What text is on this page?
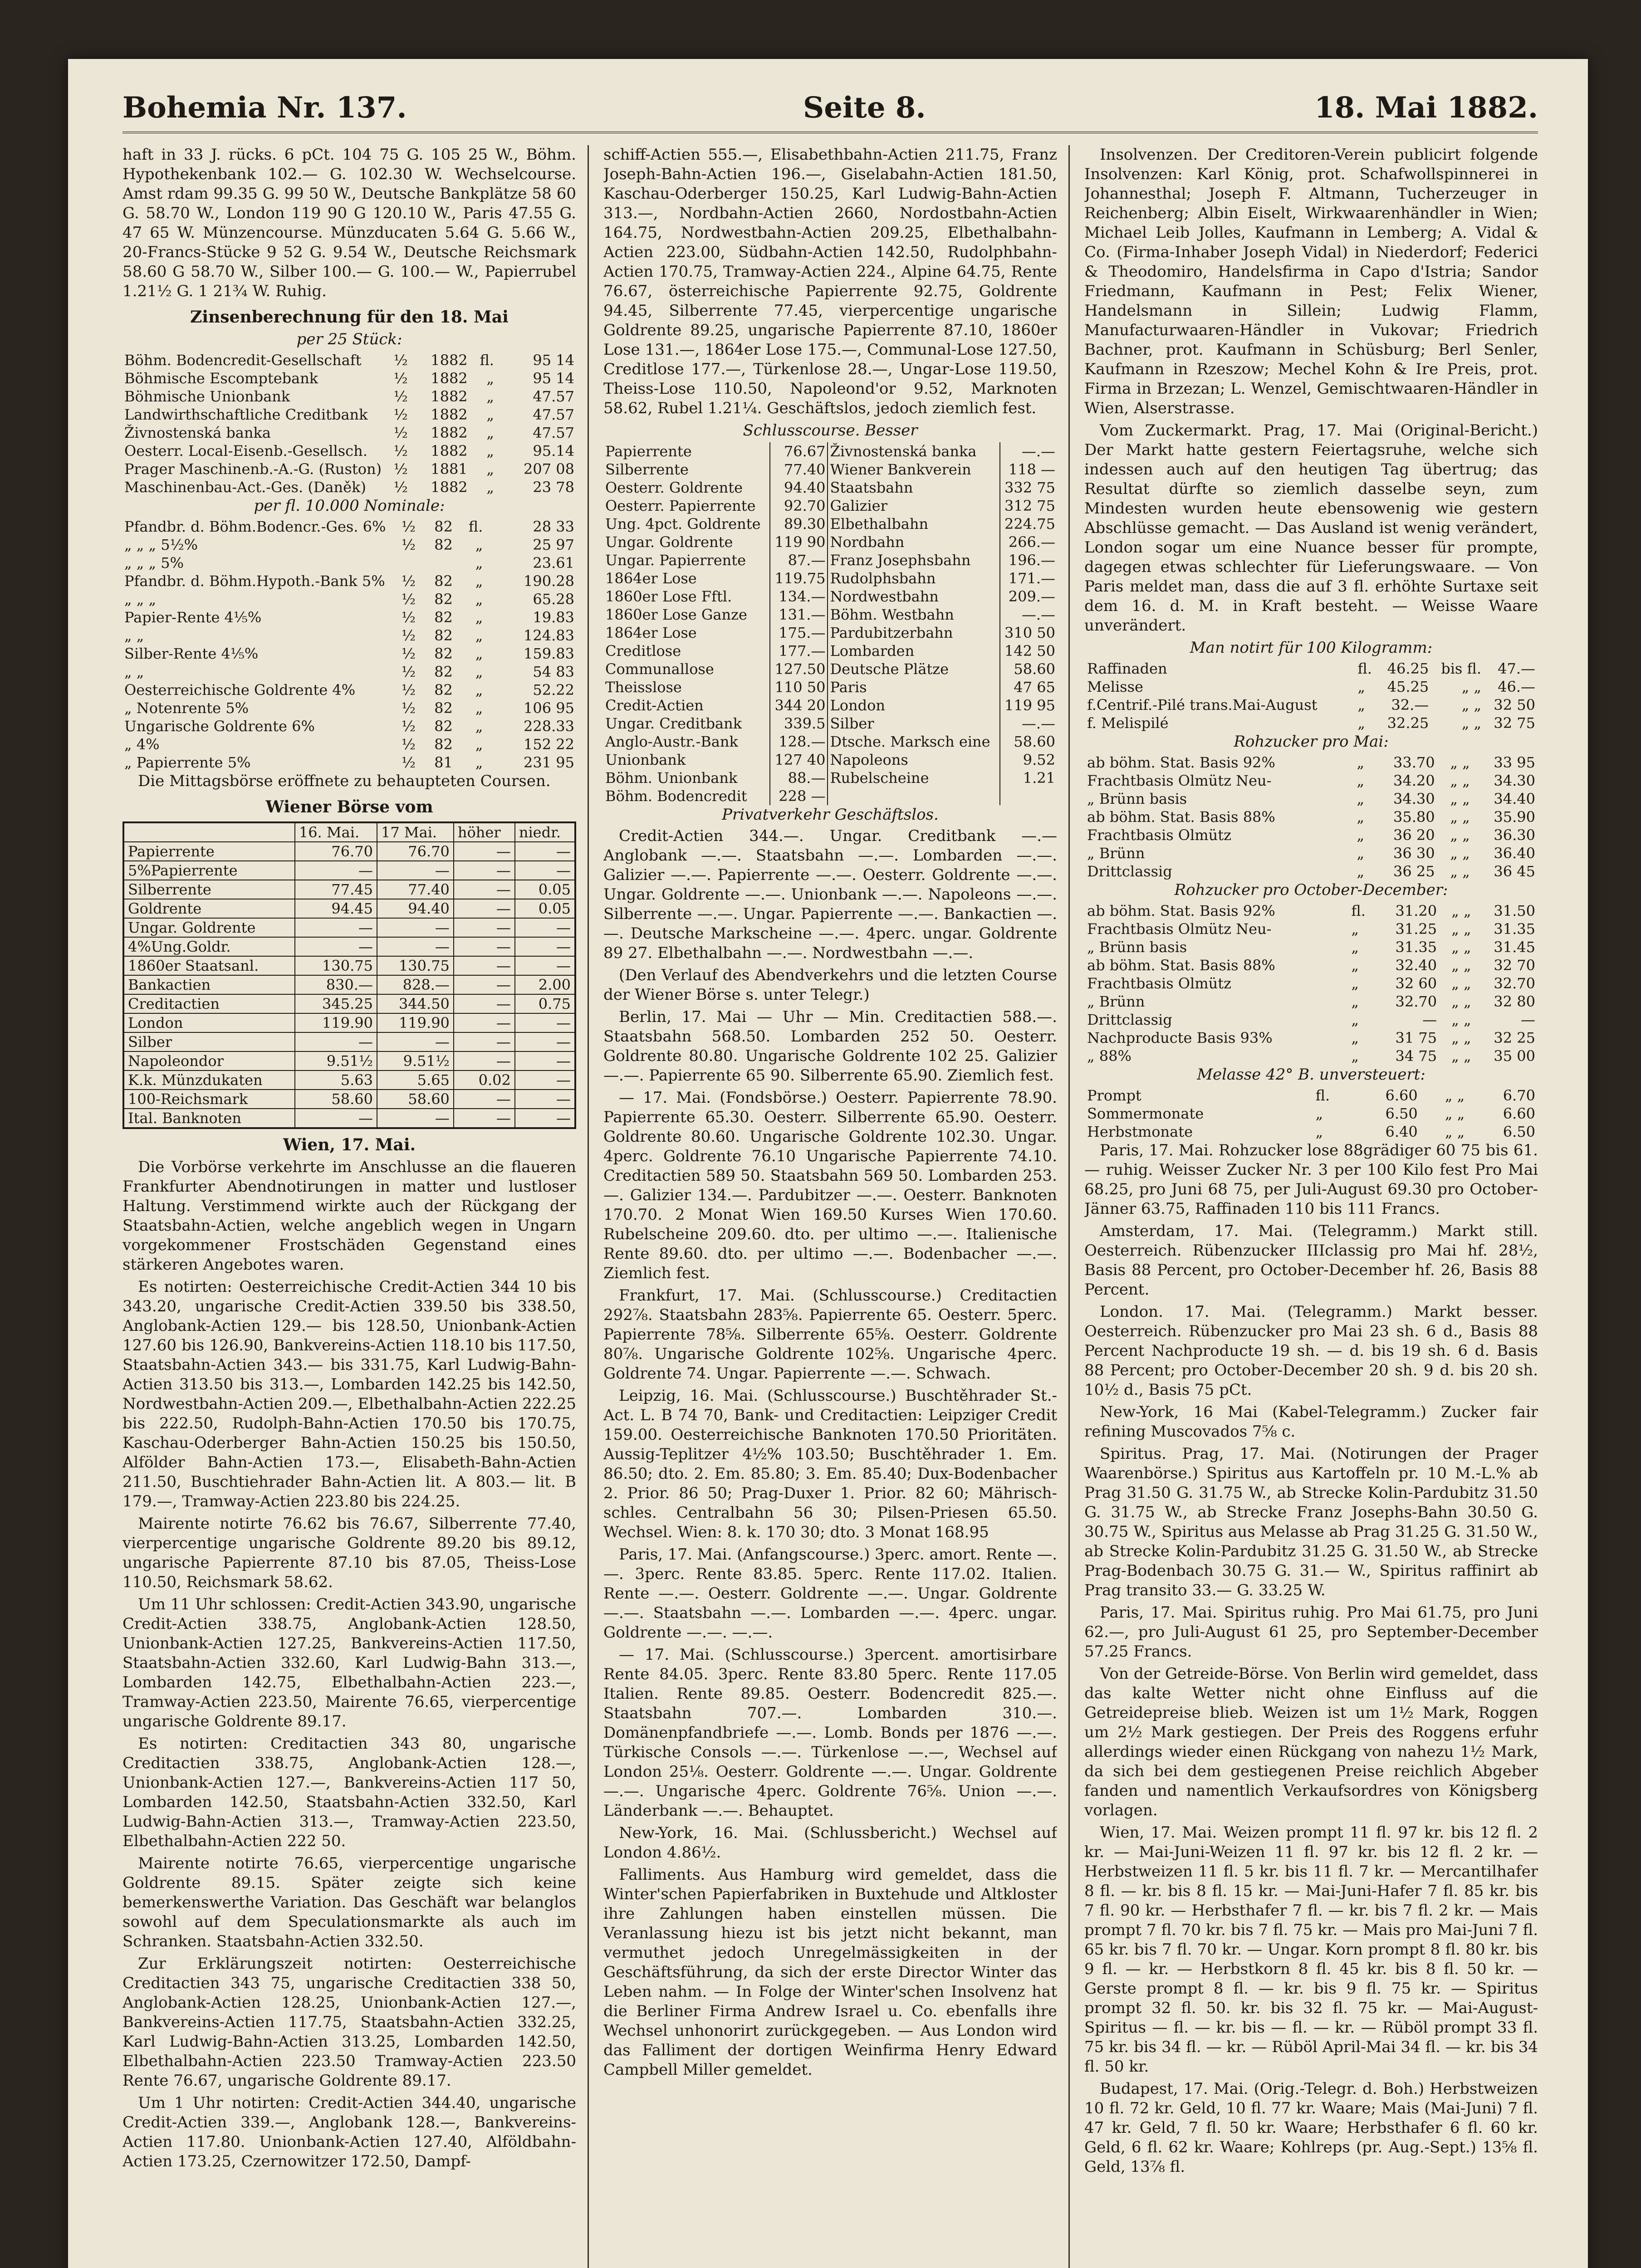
Bohemia Nr. 137.	Seite 8.	18. Mai 1882.

haft in 33 J. rücks. 6 pCt. 104 75 G. 105 25 W., Böhm. Hypothekenbank 102.— G. 102.30 W. Wechselcourse. Amst rdam 99.35 G. 99 50 W., Deutsche Bankplätze 58 60 G. 58.70 W., London 119 90 G 120.10 W., Paris 47.55 G. 47 65 W. Münzencourse. Münzducaten 5.64 G. 5.66 W., 20-Francs-Stücke 9 52 G. 9.54 W., Deutsche Reichsmark 58.60 G 58.70 W., Silber 100.— G. 100.— W., Papierrubel 1.21½ G. 1 21¾ W. Ruhig.

Zinsenberechnung für den 18. Mai
per 25 Stück:
Böhm. Bodencredit-Gesellschaft	½	1882	fl.	95 14
Böhmische Escomptebank	½	1882	„	95 14
Böhmische Unionbank	½	1882	„	47.57
Landwirthschaftliche Creditbank	½	1882	„	47.57
Živnostenská banka	½	1882	„	47.57
Oesterr. Local-Eisenb.-Gesellsch.	½	1882	„	95.14
Prager Maschinenb.-A.-G. (Ruston)	½	1881	„	207 08
Maschinenbau-Act.-Ges. (Daněk)	½	1882	„	23 78
per fl. 10.000 Nominale:
Pfandbr. d. Böhm.Bodencr.-Ges. 6%	½	82	fl.	28 33
„ „ „ 5½%	½	82	„	25 97
„ „ „ 5%			„	23.61
Pfandbr. d. Böhm.Hypoth.-Bank 5%	½	82	„	190.28
„ „ „	½	82	„	65.28
Papier-Rente 4⅕%	½	82	„	19.83
„ „	½	82	„	124.83
Silber-Rente 4⅕%	½	82	„	159.83
„ „	½	82	„	54 83
Oesterreichische Goldrente 4%	½	82	„	52.22
„ Notenrente 5%	½	82	„	106 95
Ungarische Goldrente 6%	½	82	„	228.33
„ 4%	½	82	„	152 22
„ Papierrente 5%	½	81	„	231 95

Die Mittagsbörse eröffnete zu behaupteten Coursen.

Wiener Börse vom
	16. Mai.	17 Mai.	höher	niedr.
Papierrente	76.70	76.70	—	—
5%Papierrente	—	—	—	—
Silberrente	77.45	77.40	—	0.05
Goldrente	94.45	94.40	—	0.05
Ungar. Goldrente	—	—	—	—
4%Ung.Goldr.	—	—	—	—
1860er Staatsanl.	130.75	130.75	—	—
Bankactien	830.—	828.—	—	2.00
Creditactien	345.25	344.50	—	0.75
London	119.90	119.90	—	—
Silber	—	—	—	—
Napoleondor	9.51½	9.51½	—	—
K.k. Münzdukaten	5.63	5.65	0.02	—
100-Reichsmark	58.60	58.60	—	—
Ital. Banknoten	—	—	—	—
Wien, 17. Mai.

Die Vorbörse verkehrte im Anschlusse an die flaueren Frankfurter Abendnotirungen in matter und lustloser Haltung. Verstimmend wirkte auch der Rückgang der Staatsbahn-Actien, welche angeblich wegen in Ungarn vorgekommener Frostschäden Gegenstand eines stärkeren Angebotes waren.

Es notirten: Oesterreichische Credit-Actien 344 10 bis 343.20, ungarische Credit-Actien 339.50 bis 338.50, Anglobank-Actien 129.— bis 128.50, Unionbank-Actien 127.60 bis 126.90, Bankvereins-Actien 118.10 bis 117.50, Staatsbahn-Actien 343.— bis 331.75, Karl Ludwig-Bahn-Actien 313.50 bis 313.—, Lombarden 142.25 bis 142.50, Nordwestbahn-Actien 209.—, Elbethalbahn-Actien 222.25 bis 222.50, Rudolph-Bahn-Actien 170.50 bis 170.75, Kaschau-Oderberger Bahn-Actien 150.25 bis 150.50, Alfölder Bahn-Actien 173.—, Elisabeth-Bahn-Actien 211.50, Buschtiehrader Bahn-Actien lit. A 803.— lit. B 179.—, Tramway-Actien 223.80 bis 224.25.

Mairente notirte 76.62 bis 76.67, Silberrente 77.40, vierpercentige ungarische Goldrente 89.20 bis 89.12, ungarische Papierrente 87.10 bis 87.05, Theiss-Lose 110.50, Reichsmark 58.62.

Um 11 Uhr schlossen: Credit-Actien 343.90, ungarische Credit-Actien 338.75, Anglobank-Actien 128.50, Unionbank-Actien 127.25, Bankvereins-Actien 117.50, Staatsbahn-Actien 332.60, Karl Ludwig-Bahn 313.—, Lombarden 142.75, Elbethalbahn-Actien 223.—, Tramway-Actien 223.50, Mairente 76.65, vierpercentige ungarische Goldrente 89.17.

Es notirten: Creditactien 343 80, ungarische Creditactien 338.75, Anglobank-Actien 128.—, Unionbank-Actien 127.—, Bankvereins-Actien 117 50, Lombarden 142.50, Staatsbahn-Actien 332.50, Karl Ludwig-Bahn-Actien 313.—, Tramway-Actien 223.50, Elbethalbahn-Actien 222 50.

Mairente notirte 76.65, vierpercentige ungarische Goldrente 89.15. Später zeigte sich keine bemerkenswerthe Variation. Das Geschäft war belanglos sowohl auf dem Speculationsmarkte als auch im Schranken. Staatsbahn-Actien 332.50.

Zur Erklärungszeit notirten: Oesterreichische Creditactien 343 75, ungarische Creditactien 338 50, Anglobank-Actien 128.25, Unionbank-Actien 127.—, Bankvereins-Actien 117.75, Staatsbahn-Actien 332.25, Karl Ludwig-Bahn-Actien 313.25, Lombarden 142.50, Elbethalbahn-Actien 223.50 Tramway-Actien 223.50 Rente 76.67, ungarische Goldrente 89.17.

Um 1 Uhr notirten: Credit-Actien 344.40, ungarische Credit-Actien 339.—, Anglobank 128.—, Bankvereins-Actien 117.80. Unionbank-Actien 127.40, Alföldbahn-Actien 173.25, Czernowitzer 172.50, Dampf-

schiff-Actien 555.—, Elisabethbahn-Actien 211.75, Franz Joseph-Bahn-Actien 196.—, Giselabahn-Actien 181.50, Kaschau-Oderberger 150.25, Karl Ludwig-Bahn-Actien 313.—, Nordbahn-Actien 2660, Nordostbahn-Actien 164.75, Nordwestbahn-Actien 209.25, Elbethalbahn-Actien 223.00, Südbahn-Actien 142.50, Rudolphbahn-Actien 170.75, Tramway-Actien 224., Alpine 64.75, Rente 76.67, österreichische Papierrente 92.75, Goldrente 94.45, Silberrente 77.45, vierpercentige ungarische Goldrente 89.25, ungarische Papierrente 87.10, 1860er Lose 131.—, 1864er Lose 175.—, Communal-Lose 127.50, Creditlose 177.—, Türkenlose 28.—, Ungar-Lose 119.50, Theiss-Lose 110.50, Napoleond'or 9.52, Marknoten 58.62, Rubel 1.21¼. Geschäftslos, jedoch ziemlich fest.

Schlusscourse. Besser
Papierrente	76.67	Živnostenská banka	—.—
Silberrente	77.40	Wiener Bankverein	118 —
Oesterr. Goldrente	94.40	Staatsbahn	332 75
Oesterr. Papierrente	92.70	Galizier	312 75
Ung. 4pct. Goldrente	89.30	Elbethalbahn	224.75
Ungar. Goldrente	119 90	Nordbahn	266.—
Ungar. Papierrente	87.—	Franz Josephsbahn	196.—
1864er Lose	119.75	Rudolphsbahn	171.—
1860er Lose Fftl.	134.—	Nordwestbahn	209.—
1860er Lose Ganze	131.—	Böhm. Westbahn	—.—
1864er Lose	175.—	Pardubitzerbahn	310 50
Creditlose	177.—	Lombarden	142 50
Communallose	127.50	Deutsche Plätze	58.60
Theisslose	110 50	Paris	47 65
Credit-Actien	344 20	London	119 95
Ungar. Creditbank	339.5	Silber	—.—
Anglo-Austr.-Bank	128.—	Dtsche. Marksch eine	58.60
Unionbank	127 40	Napoleons	9.52
Böhm. Unionbank	88.—	Rubelscheine	1.21
Böhm. Bodencredit	228 —		
Privatverkehr Geschäftslos.

Credit-Actien 344.—. Ungar. Creditbank —.— Anglobank —.—. Staatsbahn —.—. Lombarden —.—. Galizier —.—. Papierrente —.—. Oesterr. Goldrente —.—. Ungar. Goldrente —.—. Unionbank —.—. Napoleons —.—. Silberrente —.—. Ungar. Papierrente —.—. Bankactien —.—. Deutsche Markscheine —.—. 4perc. ungar. Goldrente 89 27. Elbethalbahn —.—. Nordwestbahn —.—.

(Den Verlauf des Abendverkehrs und die letzten Course der Wiener Börse s. unter Telegr.)

Berlin, 17. Mai — Uhr — Min. Creditactien 588.—. Staatsbahn 568.50. Lombarden 252 50. Oesterr. Goldrente 80.80. Ungarische Goldrente 102 25. Galizier —.—. Papierrente 65 90. Silberrente 65.90. Ziemlich fest.

— 17. Mai. (Fondsbörse.) Oesterr. Papierrente 78.90. Papierrente 65.30. Oesterr. Silberrente 65.90. Oesterr. Goldrente 80.60. Ungarische Goldrente 102.30. Ungar. 4perc. Goldrente 76.10 Ungarische Papierrente 74.10. Creditactien 589 50. Staatsbahn 569 50. Lombarden 253.—. Galizier 134.—. Pardubitzer —.—. Oesterr. Banknoten 170.70. 2 Monat Wien 169.50 Kurses Wien 170.60. Rubelscheine 209.60. dto. per ultimo —.—. Italienische Rente 89.60. dto. per ultimo —.—. Bodenbacher —.—. Ziemlich fest.

Frankfurt, 17. Mai. (Schlusscourse.) Creditactien 292⅞. Staatsbahn 283⅝. Papierrente 65. Oesterr. 5perc. Papierrente 78⅝. Silberrente 65⅝. Oesterr. Goldrente 80⅞. Ungarische Goldrente 102⅝. Ungarische 4perc. Goldrente 74. Ungar. Papierrente —.—. Schwach.

Leipzig, 16. Mai. (Schlusscourse.) Buschtěhrader St.-Act. L. B 74 70, Bank- und Creditactien: Leipziger Credit 159.00. Oesterreichische Banknoten 170.50 Prioritäten. Aussig-Teplitzer 4½% 103.50; Buschtěhrader 1. Em. 86.50; dto. 2. Em. 85.80; 3. Em. 85.40; Dux-Bodenbacher 2. Prior. 86 50; Prag-Duxer 1. Prior. 82 60; Mährisch-schles. Centralbahn 56 30; Pilsen-Priesen 65.50. Wechsel. Wien: 8. k. 170 30; dto. 3 Monat 168.95

Paris, 17. Mai. (Anfangscourse.) 3perc. amort. Rente —.—. 3perc. Rente 83.85. 5perc. Rente 117.02. Italien. Rente —.—. Oesterr. Goldrente —.—. Ungar. Goldrente —.—. Staatsbahn —.—. Lombarden —.—. 4perc. ungar. Goldrente —.—. —.—.

— 17. Mai. (Schlusscourse.) 3percent. amortisirbare Rente 84.05. 3perc. Rente 83.80 5perc. Rente 117.05 Italien. Rente 89.85. Oesterr. Bodencredit 825.—. Staatsbahn 707.—. Lombarden 310.—. Domänenpfandbriefe —.—. Lomb. Bonds per 1876 —.—. Türkische Consols —.—. Türkenlose —.—, Wechsel auf London 25⅛. Oesterr. Goldrente —.—. Ungar. Goldrente —.—. Ungarische 4perc. Goldrente 76⅝. Union —.—. Länderbank —.—. Behauptet.

New-York, 16. Mai. (Schlussbericht.) Wechsel auf London 4.86½.

Falliments. Aus Hamburg wird gemeldet, dass die Winter'schen Papierfabriken in Buxtehude und Altkloster ihre Zahlungen haben einstellen müssen. Die Veranlassung hiezu ist bis jetzt nicht bekannt, man vermuthet jedoch Unregelmässigkeiten in der Geschäftsführung, da sich der erste Director Winter das Leben nahm. — In Folge der Winter'schen Insolvenz hat die Berliner Firma Andrew Israel u. Co. ebenfalls ihre Wechsel unhonorirt zurückgegeben. — Aus London wird das Falliment der dortigen Weinfirma Henry Edward Campbell Miller gemeldet.

Insolvenzen. Der Creditoren-Verein publicirt folgende Insolvenzen: Karl König, prot. Schafwollspinnerei in Johannesthal; Joseph F. Altmann, Tucherzeuger in Reichenberg; Albin Eiselt, Wirkwaarenhändler in Wien; Michael Leib Jolles, Kaufmann in Lemberg; A. Vidal & Co. (Firma-Inhaber Joseph Vidal) in Niederdorf; Federici & Theodomiro, Handelsfirma in Capo d'Istria; Sandor Friedmann, Kaufmann in Pest; Felix Wiener, Handelsmann in Sillein; Ludwig Flamm, Manufacturwaaren-Händler in Vukovar; Friedrich Bachner, prot. Kaufmann in Schüsburg; Berl Senler, Kaufmann in Rzeszow; Mechel Kohn & Ire Preis, prot. Firma in Brzezan; L. Wenzel, Gemischtwaaren-Händler in Wien, Alserstrasse.

Vom Zuckermarkt. Prag, 17. Mai (Original-Bericht.) Der Markt hatte gestern Feiertagsruhe, welche sich indessen auch auf den heutigen Tag übertrug; das Resultat dürfte so ziemlich dasselbe seyn, zum Mindesten wurden heute ebensowenig wie gestern Abschlüsse gemacht. — Das Ausland ist wenig verändert, London sogar um eine Nuance besser für prompte, dagegen etwas schlechter für Lieferungswaare. — Von Paris meldet man, dass die auf 3 fl. erhöhte Surtaxe seit dem 16. d. M. in Kraft besteht. — Weisse Waare unverändert.

Man notirt für 100 Kilogramm:
Raffinaden	fl.	46.25	bis fl.	47.—
Melisse	„	45.25	„ „	46.—
f.Centrif.-Pilé trans.Mai-August	„	32.—	„ „	32 50
f. Melispilé	„	32.25	„ „	32 75
Rohzucker pro Mai:
ab böhm. Stat. Basis 92%	„	33.70	„ „	33 95
Frachtbasis Olmütz Neu-	„	34.20	„ „	34.30
„ Brünn basis	„	34.30	„ „	34.40
ab böhm. Stat. Basis 88%	„	35.80	„ „	35.90
Frachtbasis Olmütz	„	36 20	„ „	36.30
„ Brünn	„	36 30	„ „	36.40
Drittclassig	„	36 25	„ „	36 45
Rohzucker pro October-December:
ab böhm. Stat. Basis 92%	fl.	31.20	„ „	31.50
Frachtbasis Olmütz Neu-	„	31.25	„ „	31.35
„ Brünn basis	„	31.35	„ „	31.45
ab böhm. Stat. Basis 88%	„	32.40	„ „	32 70
Frachtbasis Olmütz	„	32 60	„ „	32.70
„ Brünn	„	32.70	„ „	32 80
Drittclassig	„	—	„ „	—
Nachproducte Basis 93%	„	31 75	„ „	32 25
„ 88%	„	34 75	„ „	35 00
Melasse 42° B. unversteuert:
Prompt	fl.	6.60	„ „	6.70
Sommermonate	„	6.50	„ „	6.60
Herbstmonate	„	6.40	„ „	6.50

Paris, 17. Mai. Rohzucker lose 88grädiger 60 75 bis 61.— ruhig. Weisser Zucker Nr. 3 per 100 Kilo fest Pro Mai 68.25, pro Juni 68 75, per Juli-August 69.30 pro October-Jänner 63.75, Raffinaden 110 bis 111 Francs.

Amsterdam, 17. Mai. (Telegramm.) Markt still. Oesterreich. Rübenzucker IIIclassig pro Mai hf. 28½, Basis 88 Percent, pro October-December hf. 26, Basis 88 Percent.

London. 17. Mai. (Telegramm.) Markt besser. Oesterreich. Rübenzucker pro Mai 23 sh. 6 d., Basis 88 Percent Nachproducte 19 sh. — d. bis 19 sh. 6 d. Basis 88 Percent; pro October-December 20 sh. 9 d. bis 20 sh. 10½ d., Basis 75 pCt.

New-York, 16 Mai (Kabel-Telegramm.) Zucker fair refining Muscovados 7⅝ c.

Spiritus. Prag, 17. Mai. (Notirungen der Prager Waarenbörse.) Spiritus aus Kartoffeln pr. 10 M.-L.% ab Prag 31.50 G. 31.75 W., ab Strecke Kolin-Pardubitz 31.50 G. 31.75 W., ab Strecke Franz Josephs-Bahn 30.50 G. 30.75 W., Spiritus aus Melasse ab Prag 31.25 G. 31.50 W., ab Strecke Kolin-Pardubitz 31.25 G. 31.50 W., ab Strecke Prag-Bodenbach 30.75 G. 31.— W., Spiritus raffinirt ab Prag transito 33.— G. 33.25 W.

Paris, 17. Mai. Spiritus ruhig. Pro Mai 61.75, pro Juni 62.—, pro Juli-August 61 25, pro September-December 57.25 Francs.

Von der Getreide-Börse. Von Berlin wird gemeldet, dass das kalte Wetter nicht ohne Einfluss auf die Getreidepreise blieb. Weizen ist um 1½ Mark, Roggen um 2½ Mark gestiegen. Der Preis des Roggens erfuhr allerdings wieder einen Rückgang von nahezu 1½ Mark, da sich bei dem gestiegenen Preise reichlich Abgeber fanden und namentlich Verkaufsordres von Königsberg vorlagen.

Wien, 17. Mai. Weizen prompt 11 fl. 97 kr. bis 12 fl. 2 kr. — Mai-Juni-Weizen 11 fl. 97 kr. bis 12 fl. 2 kr. — Herbstweizen 11 fl. 5 kr. bis 11 fl. 7 kr. — Mercantilhafer 8 fl. — kr. bis 8 fl. 15 kr. — Mai-Juni-Hafer 7 fl. 85 kr. bis 7 fl. 90 kr. — Herbsthafer 7 fl. — kr. bis 7 fl. 2 kr. — Mais prompt 7 fl. 70 kr. bis 7 fl. 75 kr. — Mais pro Mai-Juni 7 fl. 65 kr. bis 7 fl. 70 kr. — Ungar. Korn prompt 8 fl. 80 kr. bis 9 fl. — kr. — Herbstkorn 8 fl. 45 kr. bis 8 fl. 50 kr. — Gerste prompt 8 fl. — kr. bis 9 fl. 75 kr. — Spiritus prompt 32 fl. 50. kr. bis 32 fl. 75 kr. — Mai-August-Spiritus — fl. — kr. bis — fl. — kr. — Rüböl prompt 33 fl. 75 kr. bis 34 fl. — kr. — Rüböl April-Mai 34 fl. — kr. bis 34 fl. 50 kr.

Budapest, 17. Mai. (Orig.-Telegr. d. Boh.) Herbstweizen 10 fl. 72 kr. Geld, 10 fl. 77 kr. Waare; Mais (Mai-Juni) 7 fl. 47 kr. Geld, 7 fl. 50 kr. Waare; Herbsthafer 6 fl. 60 kr. Geld, 6 fl. 62 kr. Waare; Kohlreps (pr. Aug.-Sept.) 13⅝ fl. Geld, 13⅞ fl.
